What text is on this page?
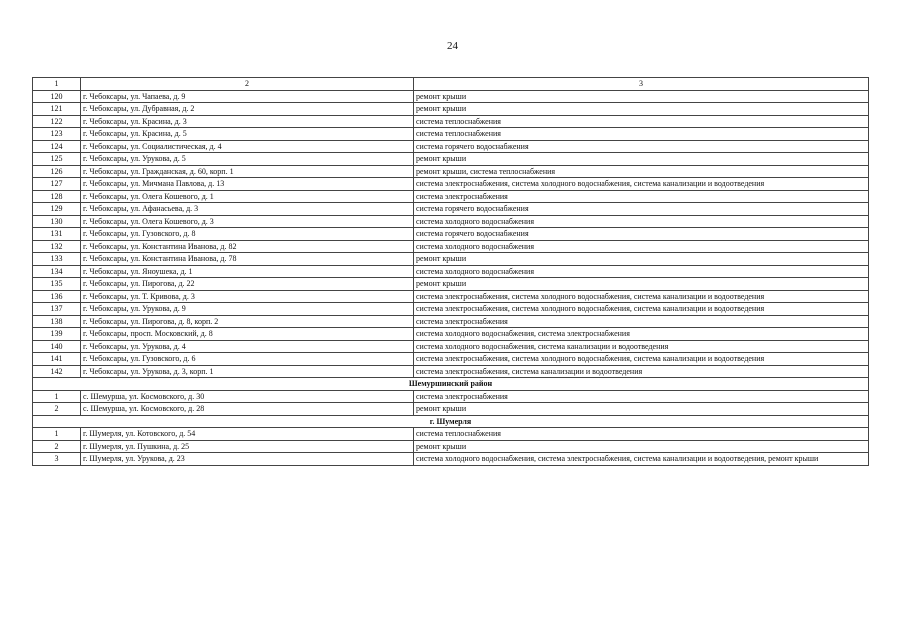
24
1	2	3
120	г. Чебоксары, ул. Чапаева, д. 9	ремонт крыши
121	г. Чебоксары, ул. Дубравная, д. 2	ремонт крыши
122	г. Чебоксары, ул. Красина, д. 3	система теплоснабжения
123	г. Чебоксары, ул. Красина, д. 5	система теплоснабжения
124	г. Чебоксары, ул. Социалистическая, д. 4	система горячего водоснабжения
125	г. Чебоксары, ул. Урукова, д. 5	ремонт крыши
126	г. Чебоксары, ул. Гражданская, д. 60, корп. 1	ремонт крыши, система теплоснабжения
127	г. Чебоксары, ул. Мичмана Павлова, д. 13	система электроснабжения, система холодного водоснабжения, система канализации и водоотведения
128	г. Чебоксары, ул. Олега Кошевого, д. 1	система электроснабжения
129	г. Чебоксары, ул. Афанасьева, д. 3	система горячего водоснабжения
130	г. Чебоксары, ул. Олега Кошевого, д. 3	система холодного водоснабжения
131	г. Чебоксары, ул. Гузовского, д. 8	система горячего водоснабжения
132	г. Чебоксары, ул. Константина Иванова, д. 82	система холодного водоснабжения
133	г. Чебоксары, ул. Константина Иванова, д. 78	ремонт крыши
134	г. Чебоксары, ул. Яноушека, д. 1	система холодного водоснабжения
135	г. Чебоксары, ул. Пирогова, д. 22	ремонт крыши
136	г. Чебоксары, ул. Т. Кривова, д. 3	система электроснабжения, система холодного водоснабжения, система канализации и водоотведения
137	г. Чебоксары, ул. Урукова, д. 9	система электроснабжения, система холодного водоснабжения, система канализации и водоотведения
138	г. Чебоксары, ул. Пирогова, д. 8, корп. 2	система электроснабжения
139	г. Чебоксары, просп. Московский, д. 8	система холодного водоснабжения, система электроснабжения
140	г. Чебоксары, ул. Урукова, д. 4	система холодного водоснабжения, система канализации и водоотведения
141	г. Чебоксары, ул. Гузовского, д. 6	система электроснабжения, система холодного водоснабжения, система канализации и водоотведения
142	г. Чебоксары, ул. Урукова, д. 3, корп. 1	система электроснабжения, система канализации и водоотведения
Шемуршинский район		
1	с. Шемурша, ул. Космовского, д. 30	система электроснабжения
2	с. Шемурша, ул. Космовского, д. 28	ремонт крыши
г. Шумерля		
1	г. Шумерля, ул. Котовского, д. 54	система теплоснабжения
2	г. Шумерля, ул. Пушкина, д. 25	ремонт крыши
3	г. Шумерля, ул. Урукова, д. 23	система холодного водоснабжения, система электроснабжения, система канализации и водоотведения, ремонт крыши
